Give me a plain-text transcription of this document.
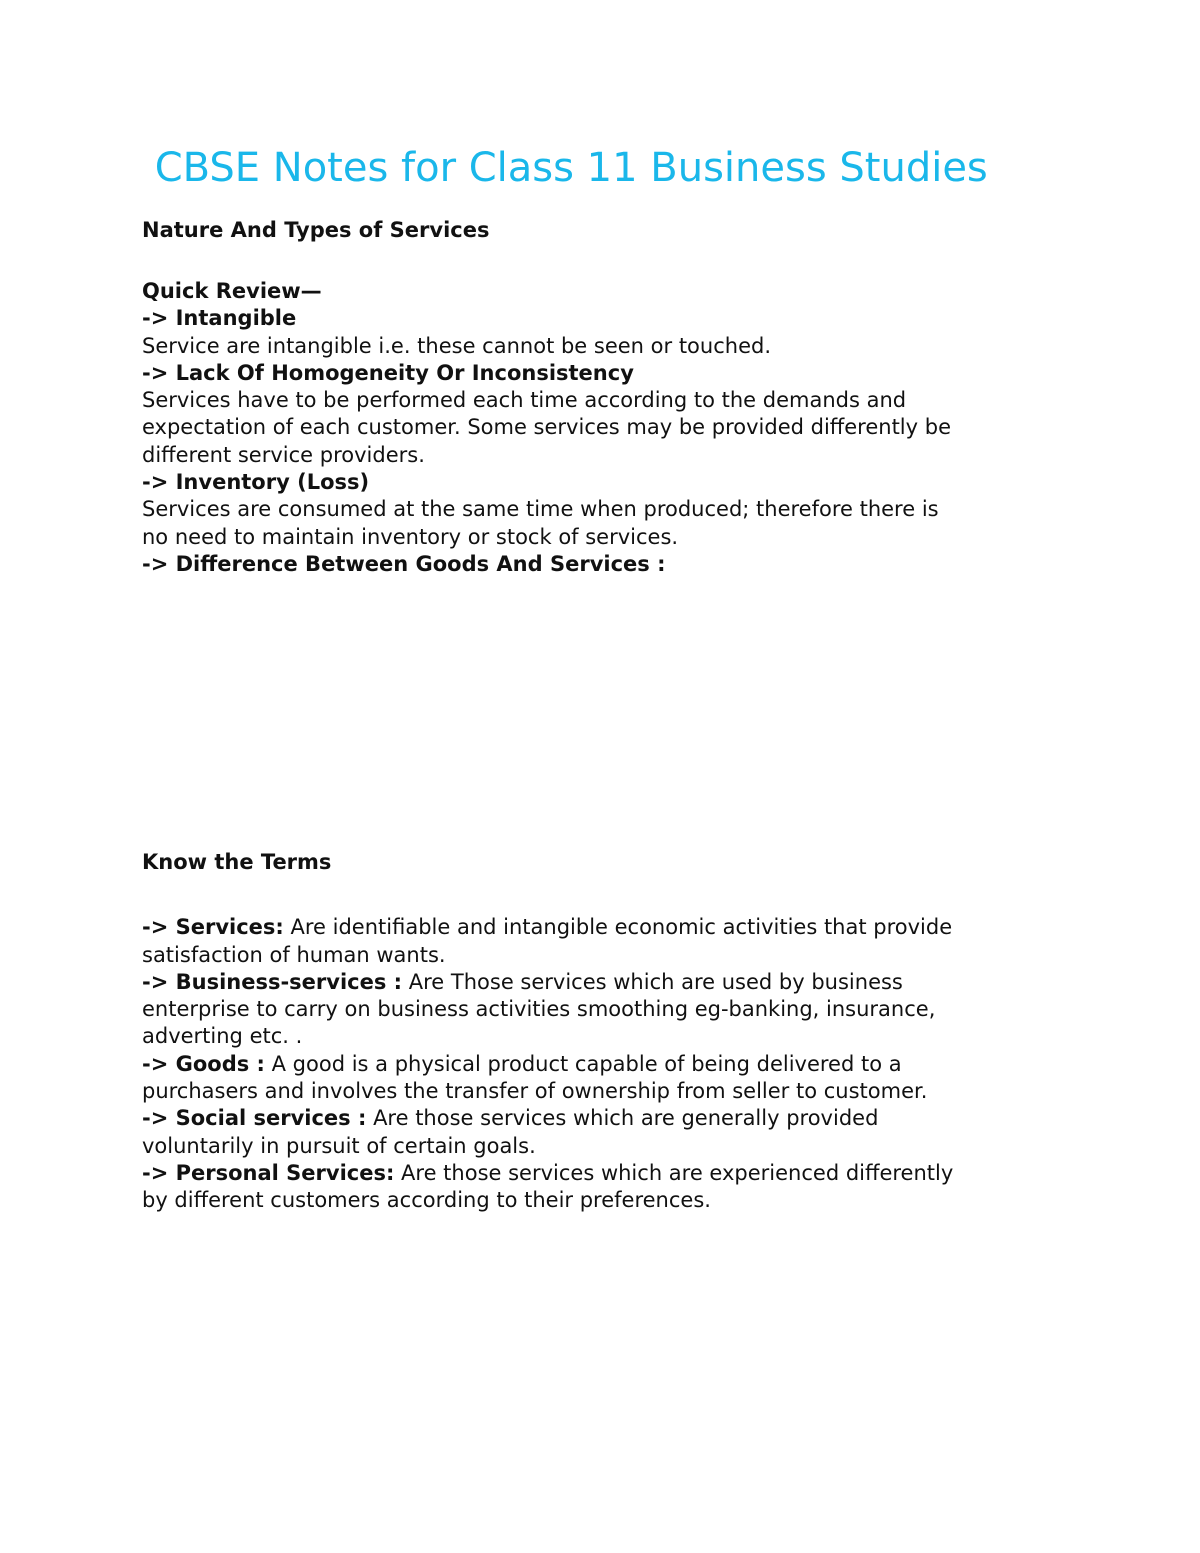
CBSE Notes for Class 11 Business Studies

Nature And Types of Services

Quick Review—

-> Intangible

Service are intangible i.e. these cannot be seen or touched.

-> Lack Of Homogeneity Or Inconsistency

Services have to be performed each time according to the demands and

expectation of each customer. Some services may be provided differently be

different service providers.

-> Inventory (Loss)

Services are consumed at the same time when produced; therefore there is

no need to maintain inventory or stock of services.

-> Difference Between Goods And Services :

Know the Terms

-> Services: Are identifiable and intangible economic activities that provide

satisfaction of human wants.

-> Business-services : Are Those services which are used by business

enterprise to carry on business activities smoothing eg-banking, insurance,

adverting etc. .

-> Goods : A good is a physical product capable of being delivered to a

purchasers and involves the transfer of ownership from seller to customer.

-> Social services : Are those services which are generally provided

voluntarily in pursuit of certain goals.

-> Personal Services: Are those services which are experienced differently

by different customers according to their preferences.
